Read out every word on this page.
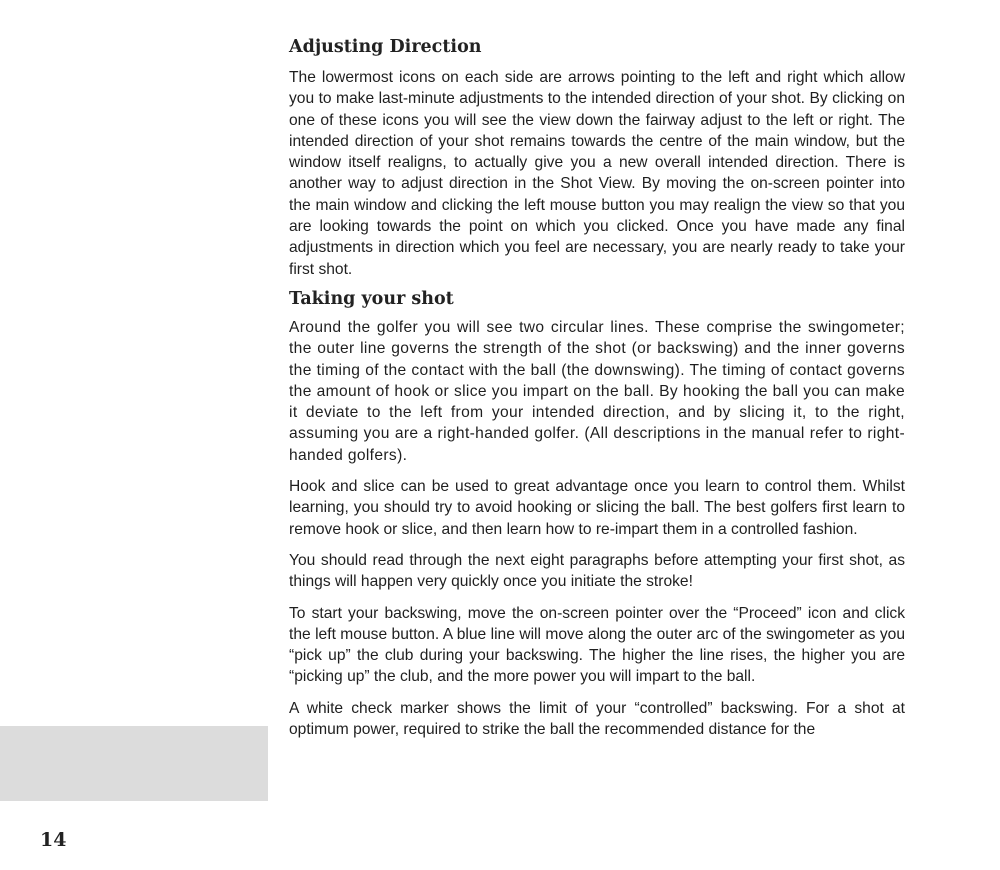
Adjusting Direction

The lowermost icons on each side are arrows pointing to the left and right which allow you to make last-minute adjustments to the intended direction of your shot. By clicking on one of these icons you will see the view down the fairway adjust to the left or right. The intended direction of your shot remains towards the centre of the main window, but the window itself realigns, to actually give you a new overall intended direction. There is another way to adjust direction in the Shot View. By moving the on-screen pointer into the main window and clicking the left mouse button you may realign the view so that you are looking towards the point on which you clicked. Once you have made any final adjustments in direction which you feel are necessary, you are nearly ready to take your first shot.

Taking your shot

Around the golfer you will see two circular lines. These comprise the swingometer; the outer line governs the strength of the shot (or backswing) and the inner governs the timing of the contact with the ball (the downswing). The timing of contact governs the amount of hook or slice you impart on the ball. By hooking the ball you can make it deviate to the left from your intended direction, and by slicing it, to the right, assuming you are a right-handed golfer. (All descriptions in the manual refer to right-handed golfers).

Hook and slice can be used to great advantage once you learn to control them. Whilst learning, you should try to avoid hooking or slicing the ball. The best golfers first learn to remove hook or slice, and then learn how to re-impart them in a controlled fashion.

You should read through the next eight paragraphs before attempting your first shot, as things will happen very quickly once you initiate the stroke!

To start your backswing, move the on-screen pointer over the “Proceed” icon and click the left mouse button. A blue line will move along the outer arc of the swingometer as you “pick up” the club during your backswing. The higher the line rises, the higher you are “picking up” the club, and the more power you will impart to the ball.

A white check marker shows the limit of your “controlled” backswing. For a shot at optimum power, required to strike the ball the recommended distance for the

14
